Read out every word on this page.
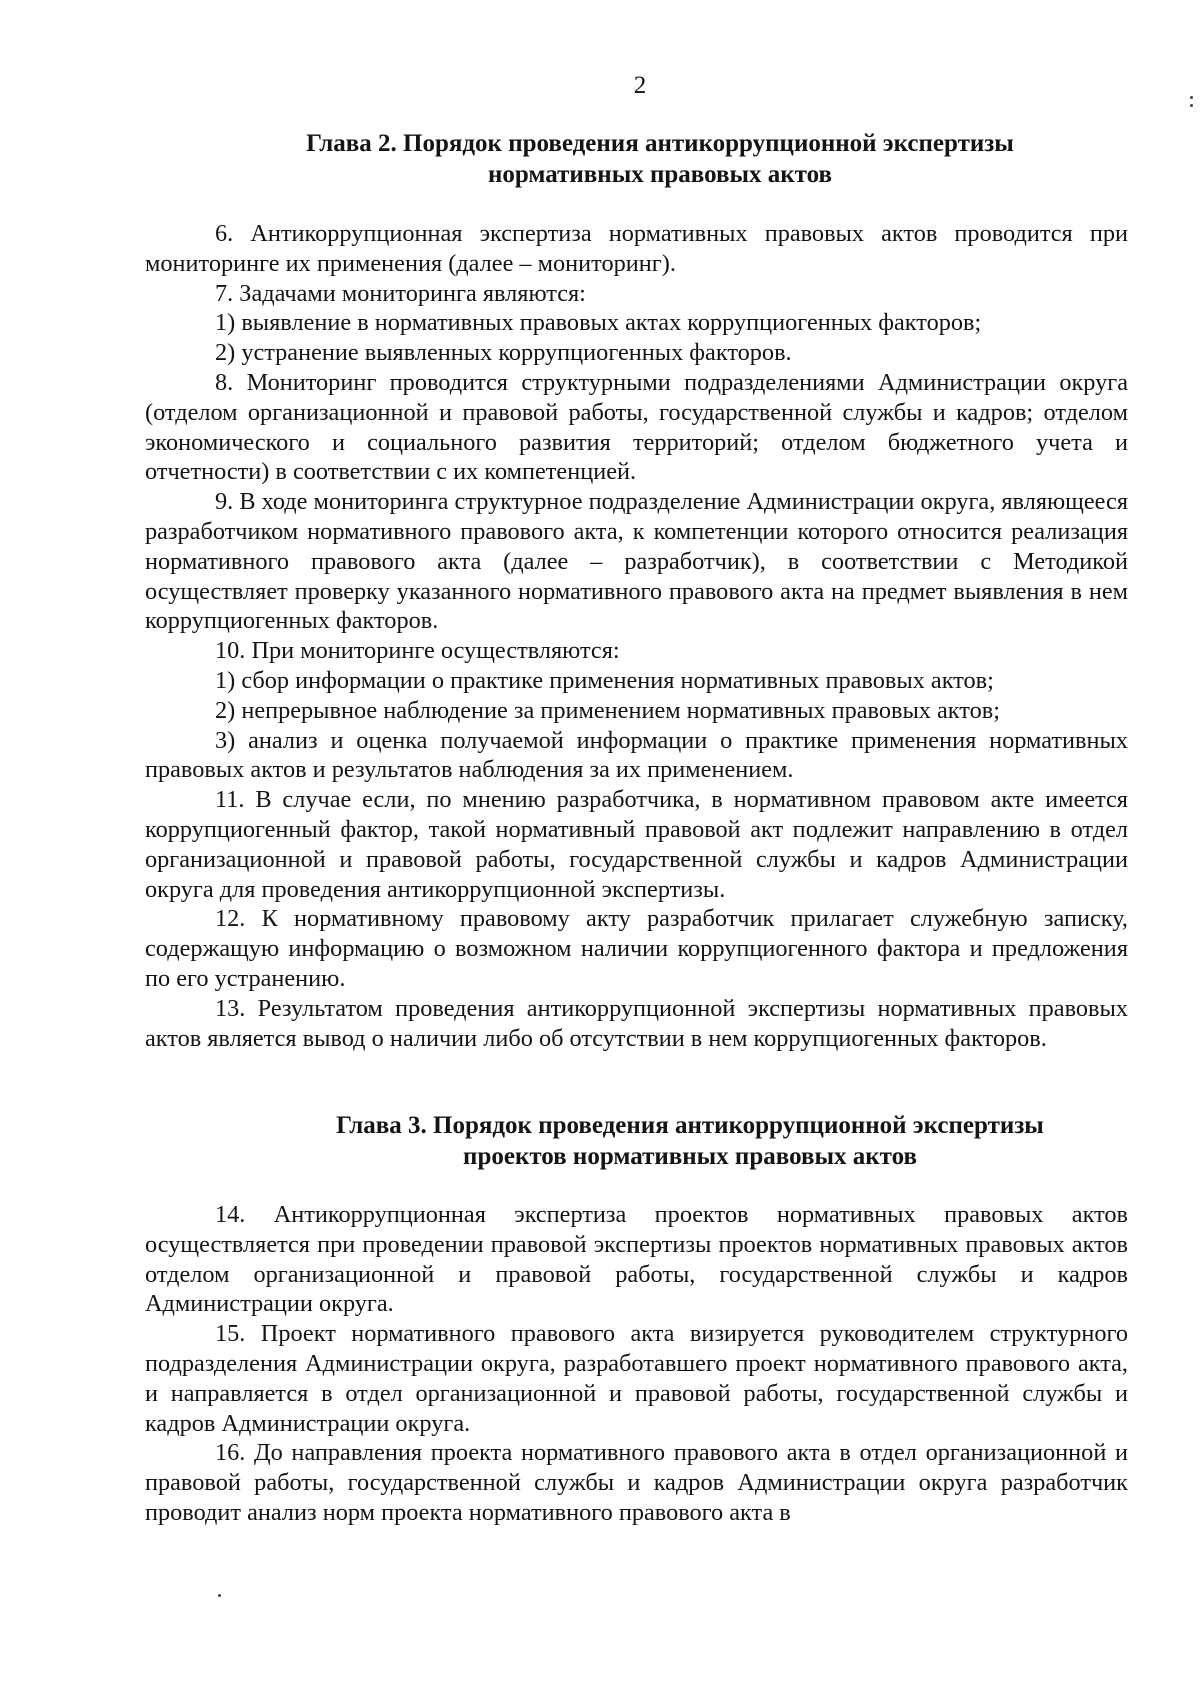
2
Глава 2. Порядок проведения антикоррупционной экспертизы
нормативных правовых актов

6. Антикоррупционная экспертиза нормативных правовых актов проводится при мониторинге их применения (далее – мониторинг).

7. Задачами мониторинга являются:

1) выявление в нормативных правовых актах коррупциогенных факторов;

2) устранение выявленных коррупциогенных факторов.

8. Мониторинг проводится структурными подразделениями Администрации округа (отделом организационной и правовой работы, государственной службы и кадров; отделом экономического и социального развития территорий; отделом бюджетного учета и отчетности) в соответствии с их компетенцией.

9. В ходе мониторинга структурное подразделение Администрации округа, являющееся разработчиком нормативного правового акта, к компетенции которого относится реализация нормативного правового акта (далее – разработчик), в соответствии с Методикой осуществляет проверку указанного нормативного правового акта на предмет выявления в нем коррупциогенных факторов.

10. При мониторинге осуществляются:

1) сбор информации о практике применения нормативных правовых актов;

2) непрерывное наблюдение за применением нормативных правовых актов;

3) анализ и оценка получаемой информации о практике применения нормативных правовых актов и результатов наблюдения за их применением.

11. В случае если, по мнению разработчика, в нормативном правовом акте имеется коррупциогенный фактор, такой нормативный правовой акт подлежит направлению в отдел организационной и правовой работы, государственной службы и кадров Администрации округа для проведения антикоррупционной экспертизы.

12. К нормативному правовому акту разработчик прилагает служебную записку, содержащую информацию о возможном наличии коррупциогенного фактора и предложения по его устранению.

13. Результатом проведения антикоррупционной экспертизы нормативных правовых актов является вывод о наличии либо об отсутствии в нем коррупциогенных факторов.

Глава 3. Порядок проведения антикоррупционной экспертизы
проектов нормативных правовых актов

14. Антикоррупционная экспертиза проектов нормативных правовых актов осуществляется при проведении правовой экспертизы проектов нормативных правовых актов отделом организационной и правовой работы, государственной службы и кадров Администрации округа.

15. Проект нормативного правового акта визируется руководителем структурного подразделения Администрации округа, разработавшего проект нормативного правового акта, и направляется в отдел организационной и правовой работы, государственной службы и кадров Администрации округа.

16. До направления проекта нормативного правового акта в отдел организационной и правовой работы, государственной службы и кадров Администрации округа разработчик проводит анализ норм проекта нормативного правового акта в
